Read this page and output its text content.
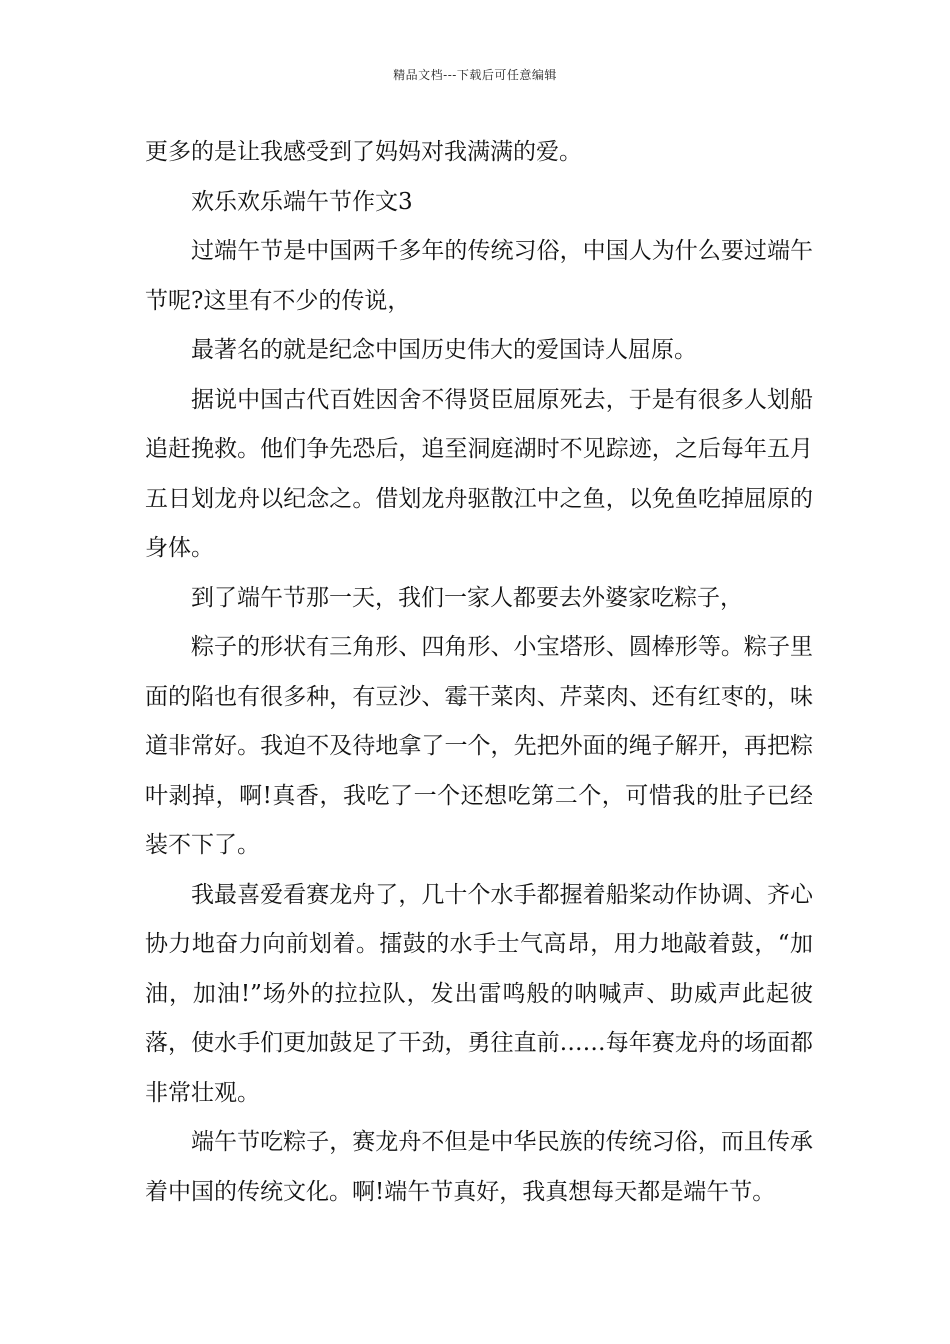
精品文档---下载后可任意编辑

更多的是让我感受到了妈妈对我满满的爱。

欢乐欢乐端午节作文3

过端午节是中国两千多年的传统习俗，中国人为什么要过端午节呢?这里有不少的传说，

最著名的就是纪念中国历史伟大的爱国诗人屈原。

据说中国古代百姓因舍不得贤臣屈原死去，于是有很多人划船追赶挽救。他们争先恐后，追至洞庭湖时不见踪迹，之后每年五月五日划龙舟以纪念之。借划龙舟驱散江中之鱼，以免鱼吃掉屈原的身体。

到了端午节那一天，我们一家人都要去外婆家吃粽子，

粽子的形状有三角形、四角形、小宝塔形、圆棒形等。粽子里面的陷也有很多种，有豆沙、霉干菜肉、芹菜肉、还有红枣的，味道非常好。我迫不及待地拿了一个，先把外面的绳子解开，再把粽叶剥掉，啊!真香，我吃了一个还想吃第二个，可惜我的肚子已经装不下了。

我最喜爱看赛龙舟了，几十个水手都握着船桨动作协调、齐心协力地奋力向前划着。擂鼓的水手士气高昂，用力地敲着鼓，“加油，加油!”场外的拉拉队，发出雷鸣般的呐喊声、助威声此起彼落，使水手们更加鼓足了干劲，勇往直前……每年赛龙舟的场面都非常壮观。

端午节吃粽子，赛龙舟不但是中华民族的传统习俗，而且传承着中国的传统文化。啊!端午节真好，我真想每天都是端午节。
